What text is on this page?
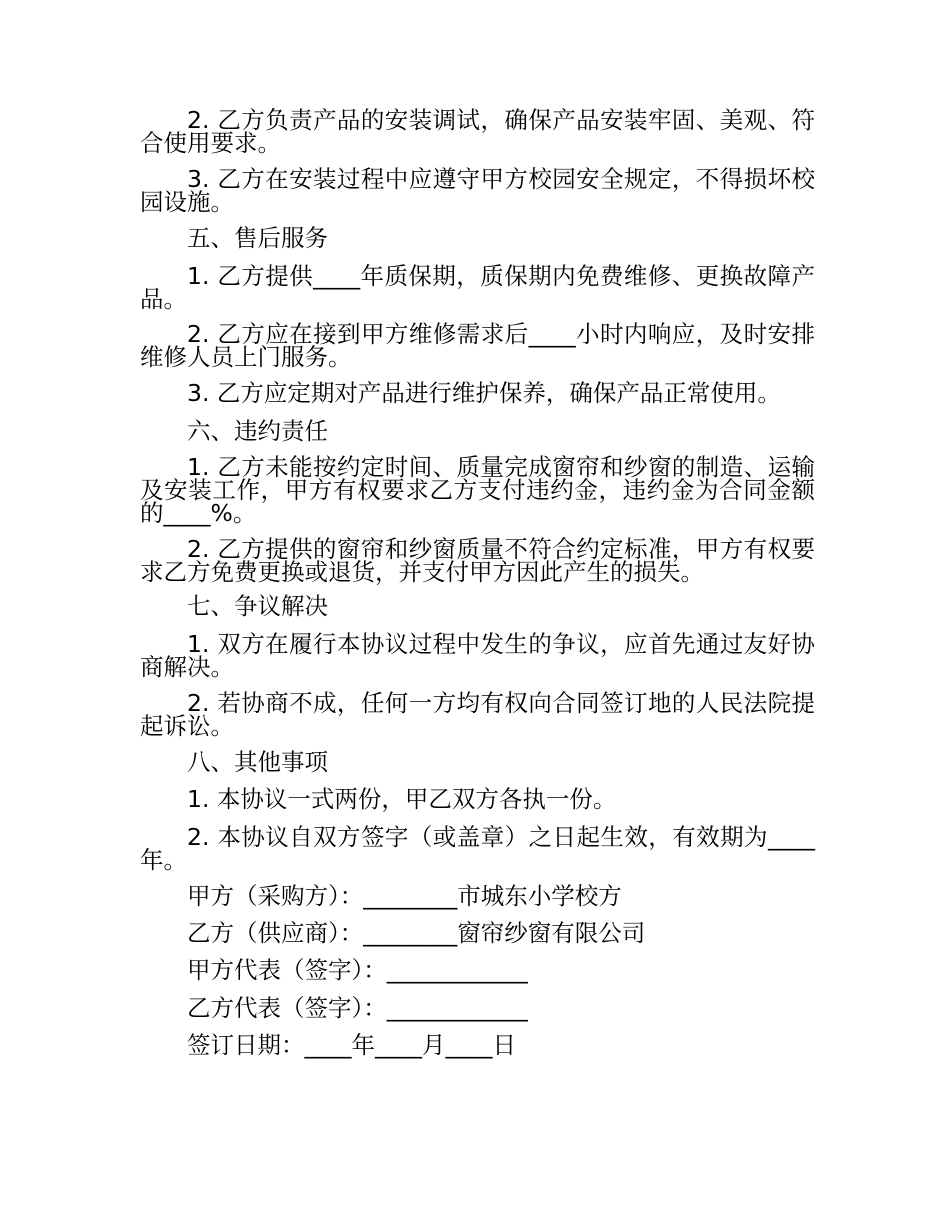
2. 乙方负责产品的安装调试，确保产品安装牢固、美观、符合使用要求。

3. 乙方在安装过程中应遵守甲方校园安全规定，不得损坏校园设施。

五、售后服务

1. 乙方提供____年质保期，质保期内免费维修、更换故障产品。

2. 乙方应在接到甲方维修需求后____小时内响应，及时安排维修人员上门服务。

3. 乙方应定期对产品进行维护保养，确保产品正常使用。

六、违约责任

1. 乙方未能按约定时间、质量完成窗帘和纱窗的制造、运输及安装工作，甲方有权要求乙方支付违约金，违约金为合同金额的____%。

2. 乙方提供的窗帘和纱窗质量不符合约定标准，甲方有权要求乙方免费更换或退货，并支付甲方因此产生的损失。

七、争议解决

1. 双方在履行本协议过程中发生的争议，应首先通过友好协商解决。

2. 若协商不成，任何一方均有权向合同签订地的人民法院提起诉讼。

八、其他事项

1. 本协议一式两份，甲乙双方各执一份。

2. 本协议自双方签字（或盖章）之日起生效，有效期为____年。

甲方（采购方）：________市城东小学校方

乙方（供应商）：________窗帘纱窗有限公司

甲方代表（签字）：____________

乙方代表（签字）：____________

签订日期：____年____月____日
